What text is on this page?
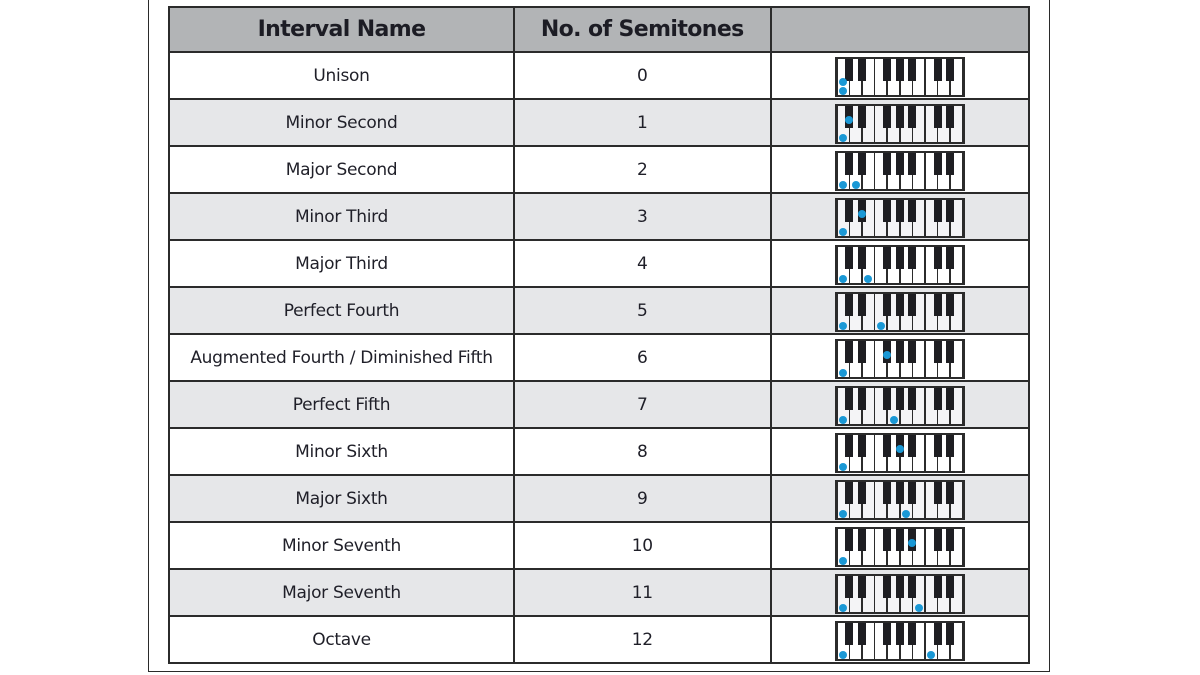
Interval Name	No. of Semitones	
Unison	0	

Minor Second	1	

Major Second	2	

Minor Third	3	

Major Third	4	

Perfect Fourth	5	

Augmented Fourth / Diminished Fifth	6	

Perfect Fifth	7	

Minor Sixth	8	

Major Sixth	9	

Minor Seventh	10	

Major Seventh	11	

Octave	12	
